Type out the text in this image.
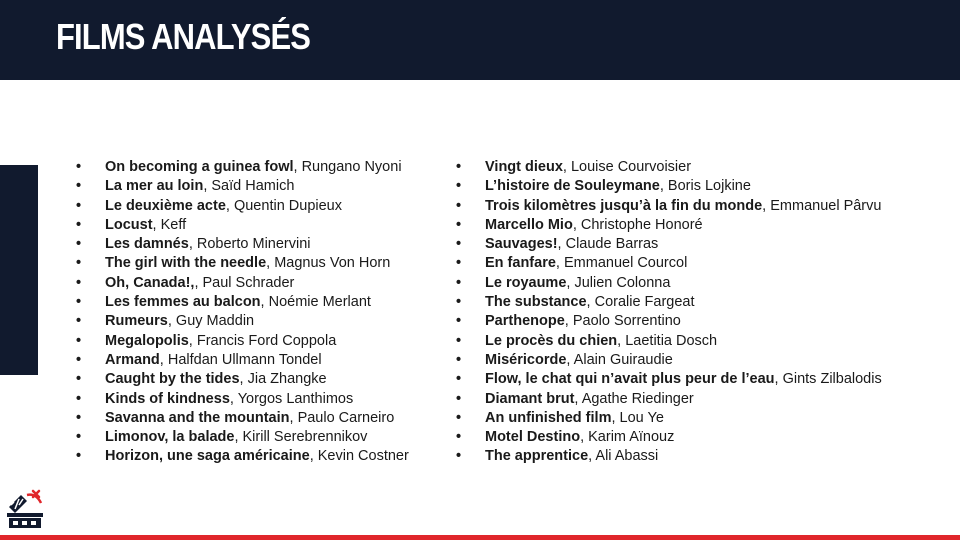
FILMS ANALYSÉS
• On becoming a guinea fowl, Rungano Nyoni
• La mer au loin, Saïd Hamich
• Le deuxième acte, Quentin Dupieux
• Locust, Keff
• Les damnés, Roberto Minervini
• The girl with the needle, Magnus Von Horn
• Oh, Canada!,, Paul Schrader
• Les femmes au balcon, Noémie Merlant
• Rumeurs, Guy Maddin
• Megalopolis, Francis Ford Coppola
• Armand, Halfdan Ullmann Tondel
• Caught by the tides, Jia Zhangke
• Kinds of kindness, Yorgos Lanthimos
• Savanna and the mountain, Paulo Carneiro
• Limonov, la balade, Kirill Serebrennikov
• Horizon, une saga américaine, Kevin Costner
• Vingt dieux, Louise Courvoisier
• L’histoire de Souleymane, Boris Lojkine
• Trois kilomètres jusqu’à la fin du monde, Emmanuel Pârvu
• Marcello Mio, Christophe Honoré
• Sauvages!, Claude Barras
• En fanfare, Emmanuel Courcol
• Le royaume, Julien Colonna
• The substance, Coralie Fargeat
• Parthenope, Paolo Sorrentino
• Le procès du chien, Laetitia Dosch
• Miséricorde, Alain Guiraudie
• Flow, le chat qui n’avait plus peur de l’eau, Gints Zilbalodis
• Diamant brut, Agathe Riedinger
• An unfinished film, Lou Ye
• Motel Destino, Karim Aïnouz
• The apprentice, Ali Abassi
